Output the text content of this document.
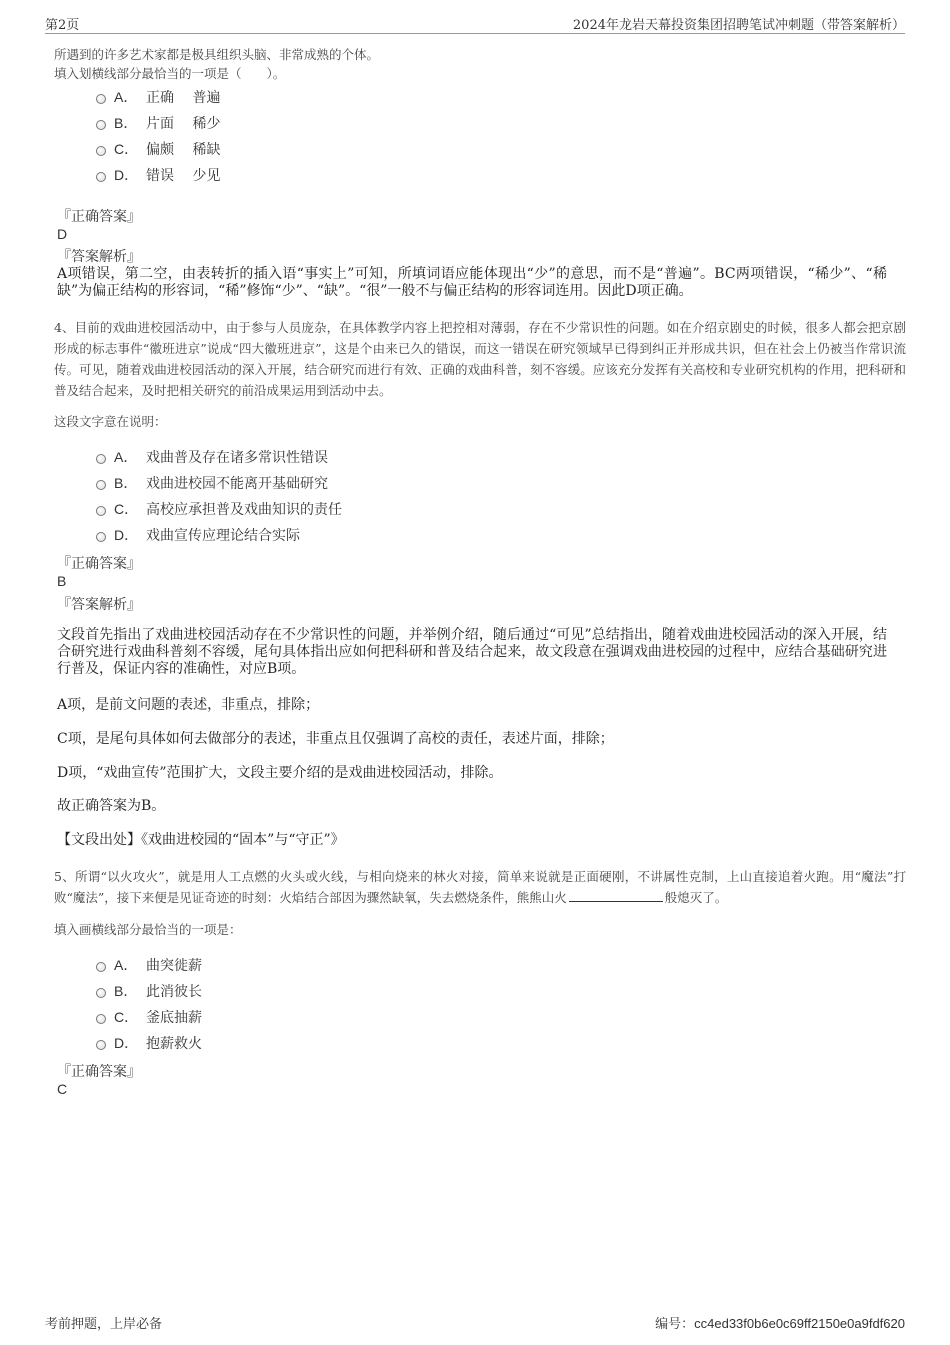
第2页	2024年龙岩天幕投资集团招聘笔试冲刺题（带答案解析）
所遇到的许多艺术家都是极具组织头脑、非常成熟的个体。
填入划横线部分最恰当的一项是（　　）。
A． 正确　 普遍
B． 片面　 稀少
C． 偏颇　 稀缺
D． 错误　 少见
『正确答案』
D
『答案解析』
A项错误，第二空，由表转折的插入语“事实上”可知，所填词语应能体现出“少”的意思，而不是“普遍”。BC两项错误，“稀少”、“稀缺”为偏正结构的形容词，“稀”修饰“少”、“缺”。“很”一般不与偏正结构的形容词连用。因此D项正确。
4、目前的戏曲进校园活动中，由于参与人员庞杂，在具体教学内容上把控相对薄弱，存在不少常识性的问题。如在介绍京剧史的时候，很多人都会把京剧形成的标志事件“徽班进京”说成“四大徽班进京”，这是个由来已久的错误，而这一错误在研究领域早已得到纠正并形成共识，但在社会上仍被当作常识流传。可见，随着戏曲进校园活动的深入开展，结合研究而进行有效、正确的戏曲科普，刻不容缓。应该充分发挥有关高校和专业研究机构的作用，把科研和普及结合起来，及时把相关研究的前沿成果运用到活动中去。
这段文字意在说明：
A． 戏曲普及存在诸多常识性错误
B． 戏曲进校园不能离开基础研究
C． 高校应承担普及戏曲知识的责任
D． 戏曲宣传应理论结合实际
『正确答案』
B
『答案解析』
文段首先指出了戏曲进校园活动存在不少常识性的问题，并举例介绍，随后通过“可见”总结指出，随着戏曲进校园活动的深入开展，结合研究进行戏曲科普刻不容缓，尾句具体指出应如何把科研和普及结合起来，故文段意在强调戏曲进校园的过程中，应结合基础研究进行普及，保证内容的准确性，对应B项。
A项，是前文问题的表述，非重点，排除；
C项，是尾句具体如何去做部分的表述，非重点且仅强调了高校的责任，表述片面，排除；
D项，“戏曲宣传”范围扩大，文段主要介绍的是戏曲进校园活动，排除。
故正确答案为B。
【文段出处】《戏曲进校园的“固本”与“守正”》
5、所谓“以火攻火”，就是用人工点燃的火头或火线，与相向烧来的林火对接，简单来说就是正面硬刚，不讲属性克制，上山直接追着火跑。用“魔法”打败“魔法”，接下来便是见证奇迹的时刻：火焰结合部因为骤然缺氧，失去燃烧条件，熊熊山火	般熄灭了。
填入画横线部分最恰当的一项是：
A． 曲突徙薪
B． 此消彼长
C． 釜底抽薪
D． 抱薪救火
『正确答案』
C
考前押题，上岸必备	编号：cc4ed33f0b6e0c69ff2150e0a9fdf620
